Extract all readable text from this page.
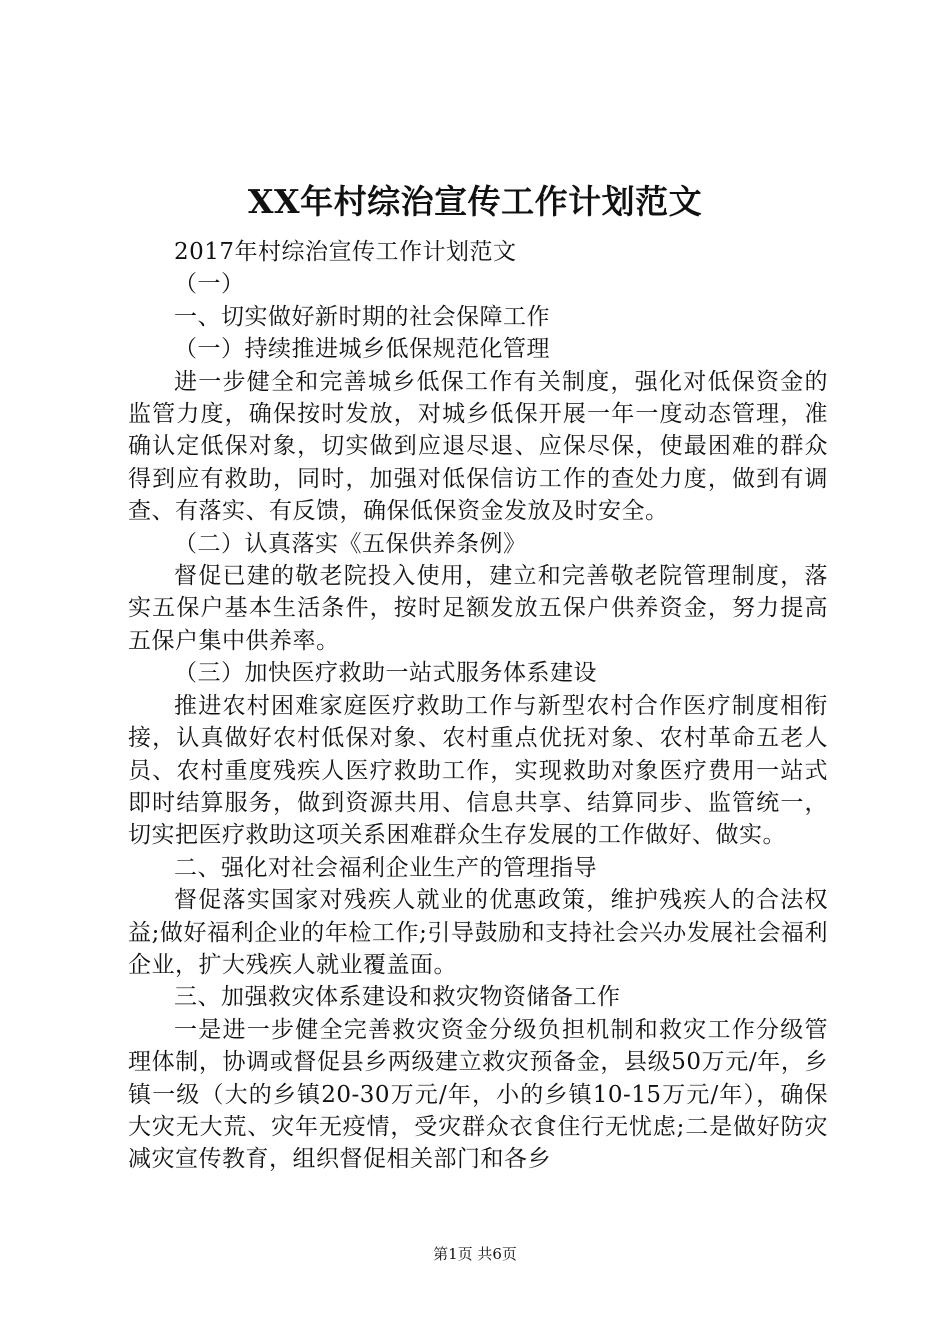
XX年村综治宣传工作计划范文

2017年村综治宣传工作计划范文

（一）

一、切实做好新时期的社会保障工作

（一）持续推进城乡低保规范化管理

进一步健全和完善城乡低保工作有关制度，强化对低保资金的监管力度，确保按时发放，对城乡低保开展一年一度动态管理，准确认定低保对象，切实做到应退尽退、应保尽保，使最困难的群众得到应有救助，同时，加强对低保信访工作的查处力度，做到有调查、有落实、有反馈，确保低保资金发放及时安全。

（二）认真落实《五保供养条例》

督促已建的敬老院投入使用，建立和完善敬老院管理制度，落实五保户基本生活条件，按时足额发放五保户供养资金，努力提高五保户集中供养率。

（三）加快医疗救助一站式服务体系建设

推进农村困难家庭医疗救助工作与新型农村合作医疗制度相衔接，认真做好农村低保对象、农村重点优抚对象、农村革命五老人员、农村重度残疾人医疗救助工作，实现救助对象医疗费用一站式即时结算服务，做到资源共用、信息共享、结算同步、监管统一，切实把医疗救助这项关系困难群众生存发展的工作做好、做实。

二、强化对社会福利企业生产的管理指导

督促落实国家对残疾人就业的优惠政策，维护残疾人的合法权益;做好福利企业的年检工作;引导鼓励和支持社会兴办发展社会福利企业，扩大残疾人就业覆盖面。

三、加强救灾体系建设和救灾物资储备工作

一是进一步健全完善救灾资金分级负担机制和救灾工作分级管理体制，协调或督促县乡两级建立救灾预备金，县级50万元/年，乡镇一级（大的乡镇20-30万元/年，小的乡镇10-15万元/年），确保大灾无大荒、灾年无疫情，受灾群众衣食住行无忧虑;二是做好防灾减灾宣传教育，组织督促相关部门和各乡

第1页 共6页
